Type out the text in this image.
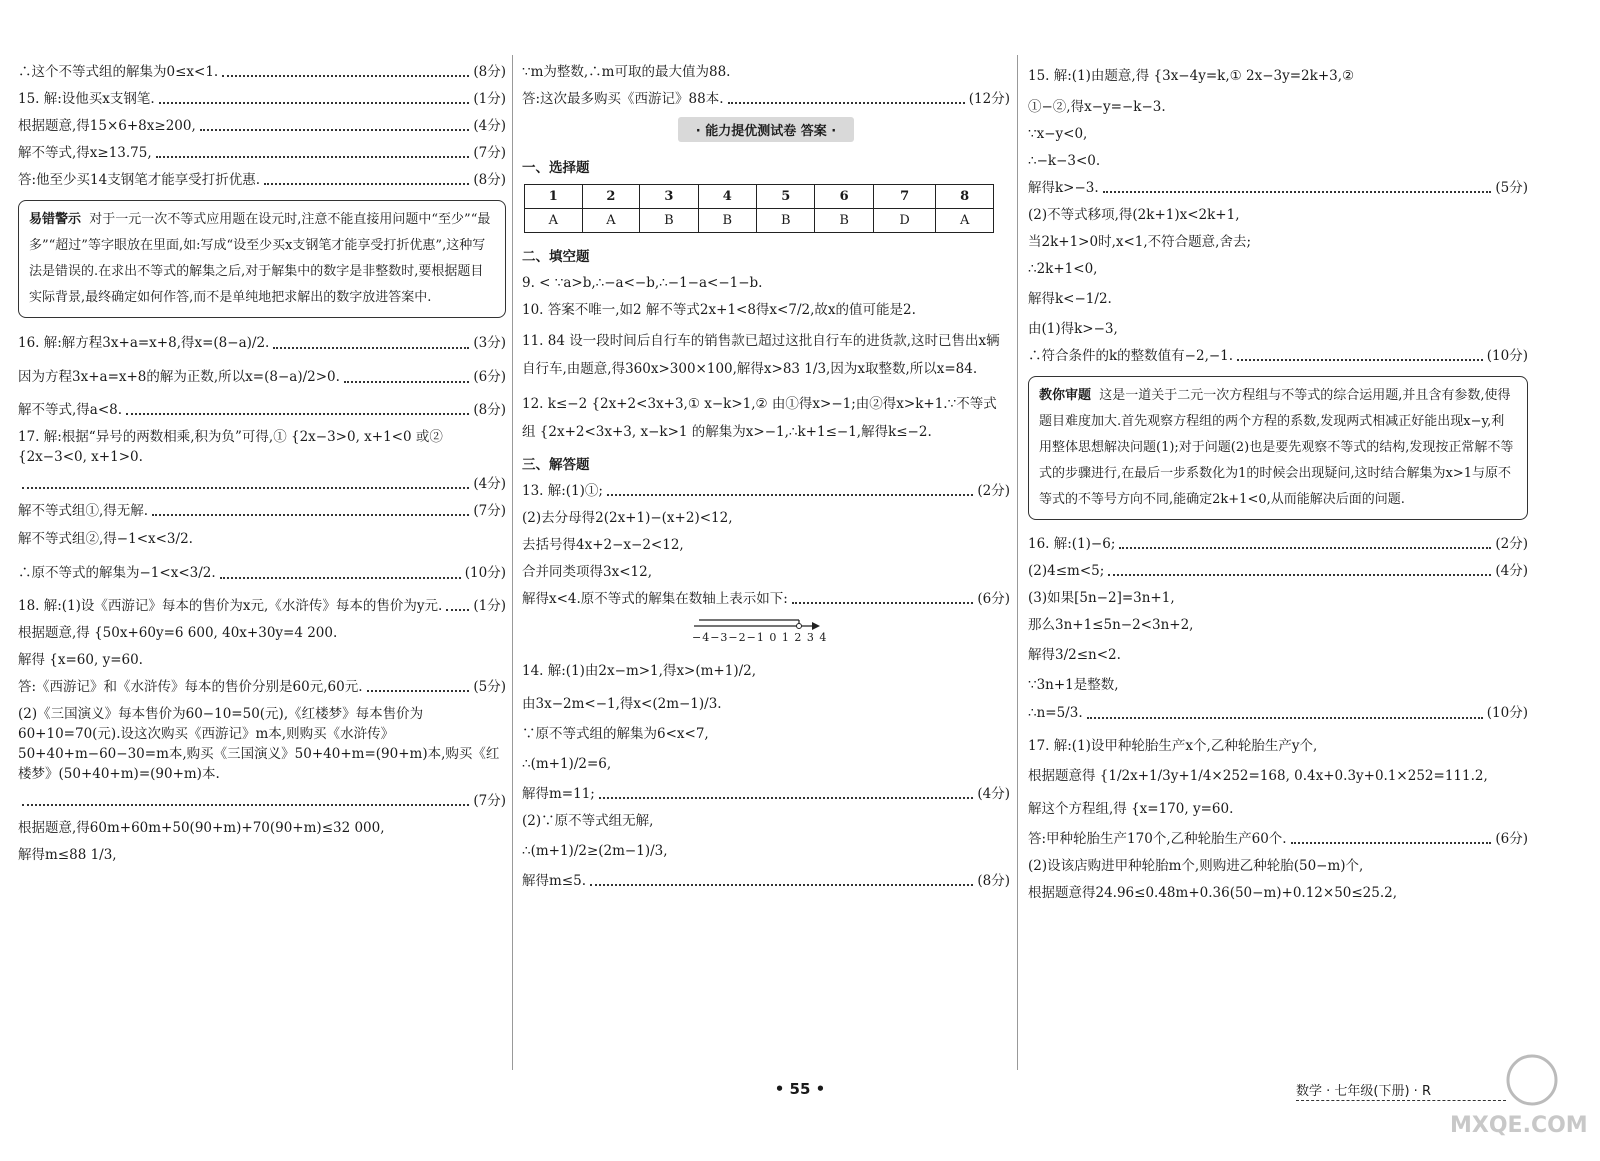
∴这个不等式组的解集为0≤x<1.	(8分)
15. 解:设他买x支钢笔.	(1分)
根据题意,得15×6+8x≥200,	(4分)
解不等式,得x≥13.75,	(7分)
答:他至少买14支钢笔才能享受打折优惠.	(8分)
易错警示 对于一元一次不等式应用题在设元时,注意不能直接用问题中“至少”“最多”“超过”等字眼放在里面,如:写成“设至少买x支钢笔才能享受打折优惠”,这种写法是错误的.在求出不等式的解集之后,对于解集中的数字是非整数时,要根据题目实际背景,最终确定如何作答,而不是单纯地把求解出的数字放进答案中.
16. 解:解方程3x+a=x+8,得x=(8−a)/2.	(3分)
因为方程3x+a=x+8的解为正数,所以x=(8−a)/2>0.	(6分)
解不等式,得a<8.	(8分)
17. 解:根据“异号的两数相乘,积为负”可得,① {2x−3>0, x+1<0 或② {2x−3<0, x+1>0.
(4分)
解不等式组①,得无解.	(7分)
解不等式组②,得−1<x<3/2.
∴原不等式的解集为−1<x<3/2.	(10分)
18. 解:(1)设《西游记》每本的售价为x元,《水浒传》每本的售价为y元. (1分)
根据题意,得 {50x+60y=6 600, 40x+30y=4 200.
解得 {x=60, y=60.
答:《西游记》和《水浒传》每本的售价分别是60元,60元.	(5分)
(2)《三国演义》每本售价为60−10=50(元),《红楼梦》每本售价为60+10=70(元).设这次购买《西游记》m本,则购买《水浒传》50+40+m−60−30=m本,购买《三国演义》50+40+m=(90+m)本,购买《红楼梦》(50+40+m)=(90+m)本.
(7分)
根据题意,得60m+60m+50(90+m)+70(90+m)≤32 000,
解得m≤88 1/3,
∵m为整数,∴m可取的最大值为88.
答:这次最多购买《西游记》88本.	(12分)
· 能力提优测试卷 答案 ·
一、选择题
1	2	3	4	5	6	7	8
A	A	B	B	B	B	D	A
二、填空题
9. < ∵a>b,∴−a<−b,∴−1−a<−1−b.
10. 答案不唯一,如2 解不等式2x+1<8得x<7/2,故x的值可能是2.
11. 84 设一段时间后自行车的销售款已超过这批自行车的进货款,这时已售出x辆自行车,由题意,得360x>300×100,解得x>83 1/3,因为x取整数,所以x=84.
12. k≤−2 {2x+2<3x+3,① x−k>1,② 由①得x>−1;由②得x>k+1.∵不等式组 {2x+2<3x+3, x−k>1 的解集为x>−1,∴k+1≤−1,解得k≤−2.
三、解答题
13. 解:(1)①;	(2分)
(2)去分母得2(2x+1)−(x+2)<12,
去括号得4x+2−x−2<12,
合并同类项得3x<12,
解得x<4.原不等式的解集在数轴上表示如下:	(6分)
−4−3−2−1 0 1 2 3 4
14. 解:(1)由2x−m>1,得x>(m+1)/2,
由3x−2m<−1,得x<(2m−1)/3.
∵原不等式组的解集为6<x<7,
∴(m+1)/2=6,
解得m=11;	(4分)
(2)∵原不等式组无解,
∴(m+1)/2≥(2m−1)/3,
解得m≤5.	(8分)
15. 解:(1)由题意,得 {3x−4y=k,① 2x−3y=2k+3,②
①−②,得x−y=−k−3.
∵x−y<0,
∴−k−3<0.
解得k>−3.	(5分)
(2)不等式移项,得(2k+1)x<2k+1,
当2k+1>0时,x<1,不符合题意,舍去;
∴2k+1<0,
解得k<−1/2.
由(1)得k>−3,
∴符合条件的k的整数值有−2,−1.	(10分)
教你审题 这是一道关于二元一次方程组与不等式的综合运用题,并且含有参数,使得题目难度加大.首先观察方程组的两个方程的系数,发现两式相减正好能出现x−y,利用整体思想解决问题(1);对于问题(2)也是要先观察不等式的结构,发现按正常解不等式的步骤进行,在最后一步系数化为1的时候会出现疑问,这时结合解集为x>1与原不等式的不等号方向不同,能确定2k+1<0,从而能解决后面的问题.
16. 解:(1)−6;	(2分)
(2)4≤m<5;	(4分)
(3)如果[5n−2]=3n+1,
那么3n+1≤5n−2<3n+2,
解得3/2≤n<2.
∵3n+1是整数,
∴n=5/3.	(10分)
17. 解:(1)设甲种轮胎生产x个,乙种轮胎生产y个,
根据题意得 {1/2x+1/3y+1/4×252=168, 0.4x+0.3y+0.1×252=111.2,
解这个方程组,得 {x=170, y=60.
答:甲种轮胎生产170个,乙种轮胎生产60个.	(6分)
(2)设该店购进甲种轮胎m个,则购进乙种轮胎(50−m)个,
根据题意得24.96≤0.48m+0.36(50−m)+0.12×50≤25.2,
• 55 •	数学 · 七年级(下册) · R
MXQE.COM
